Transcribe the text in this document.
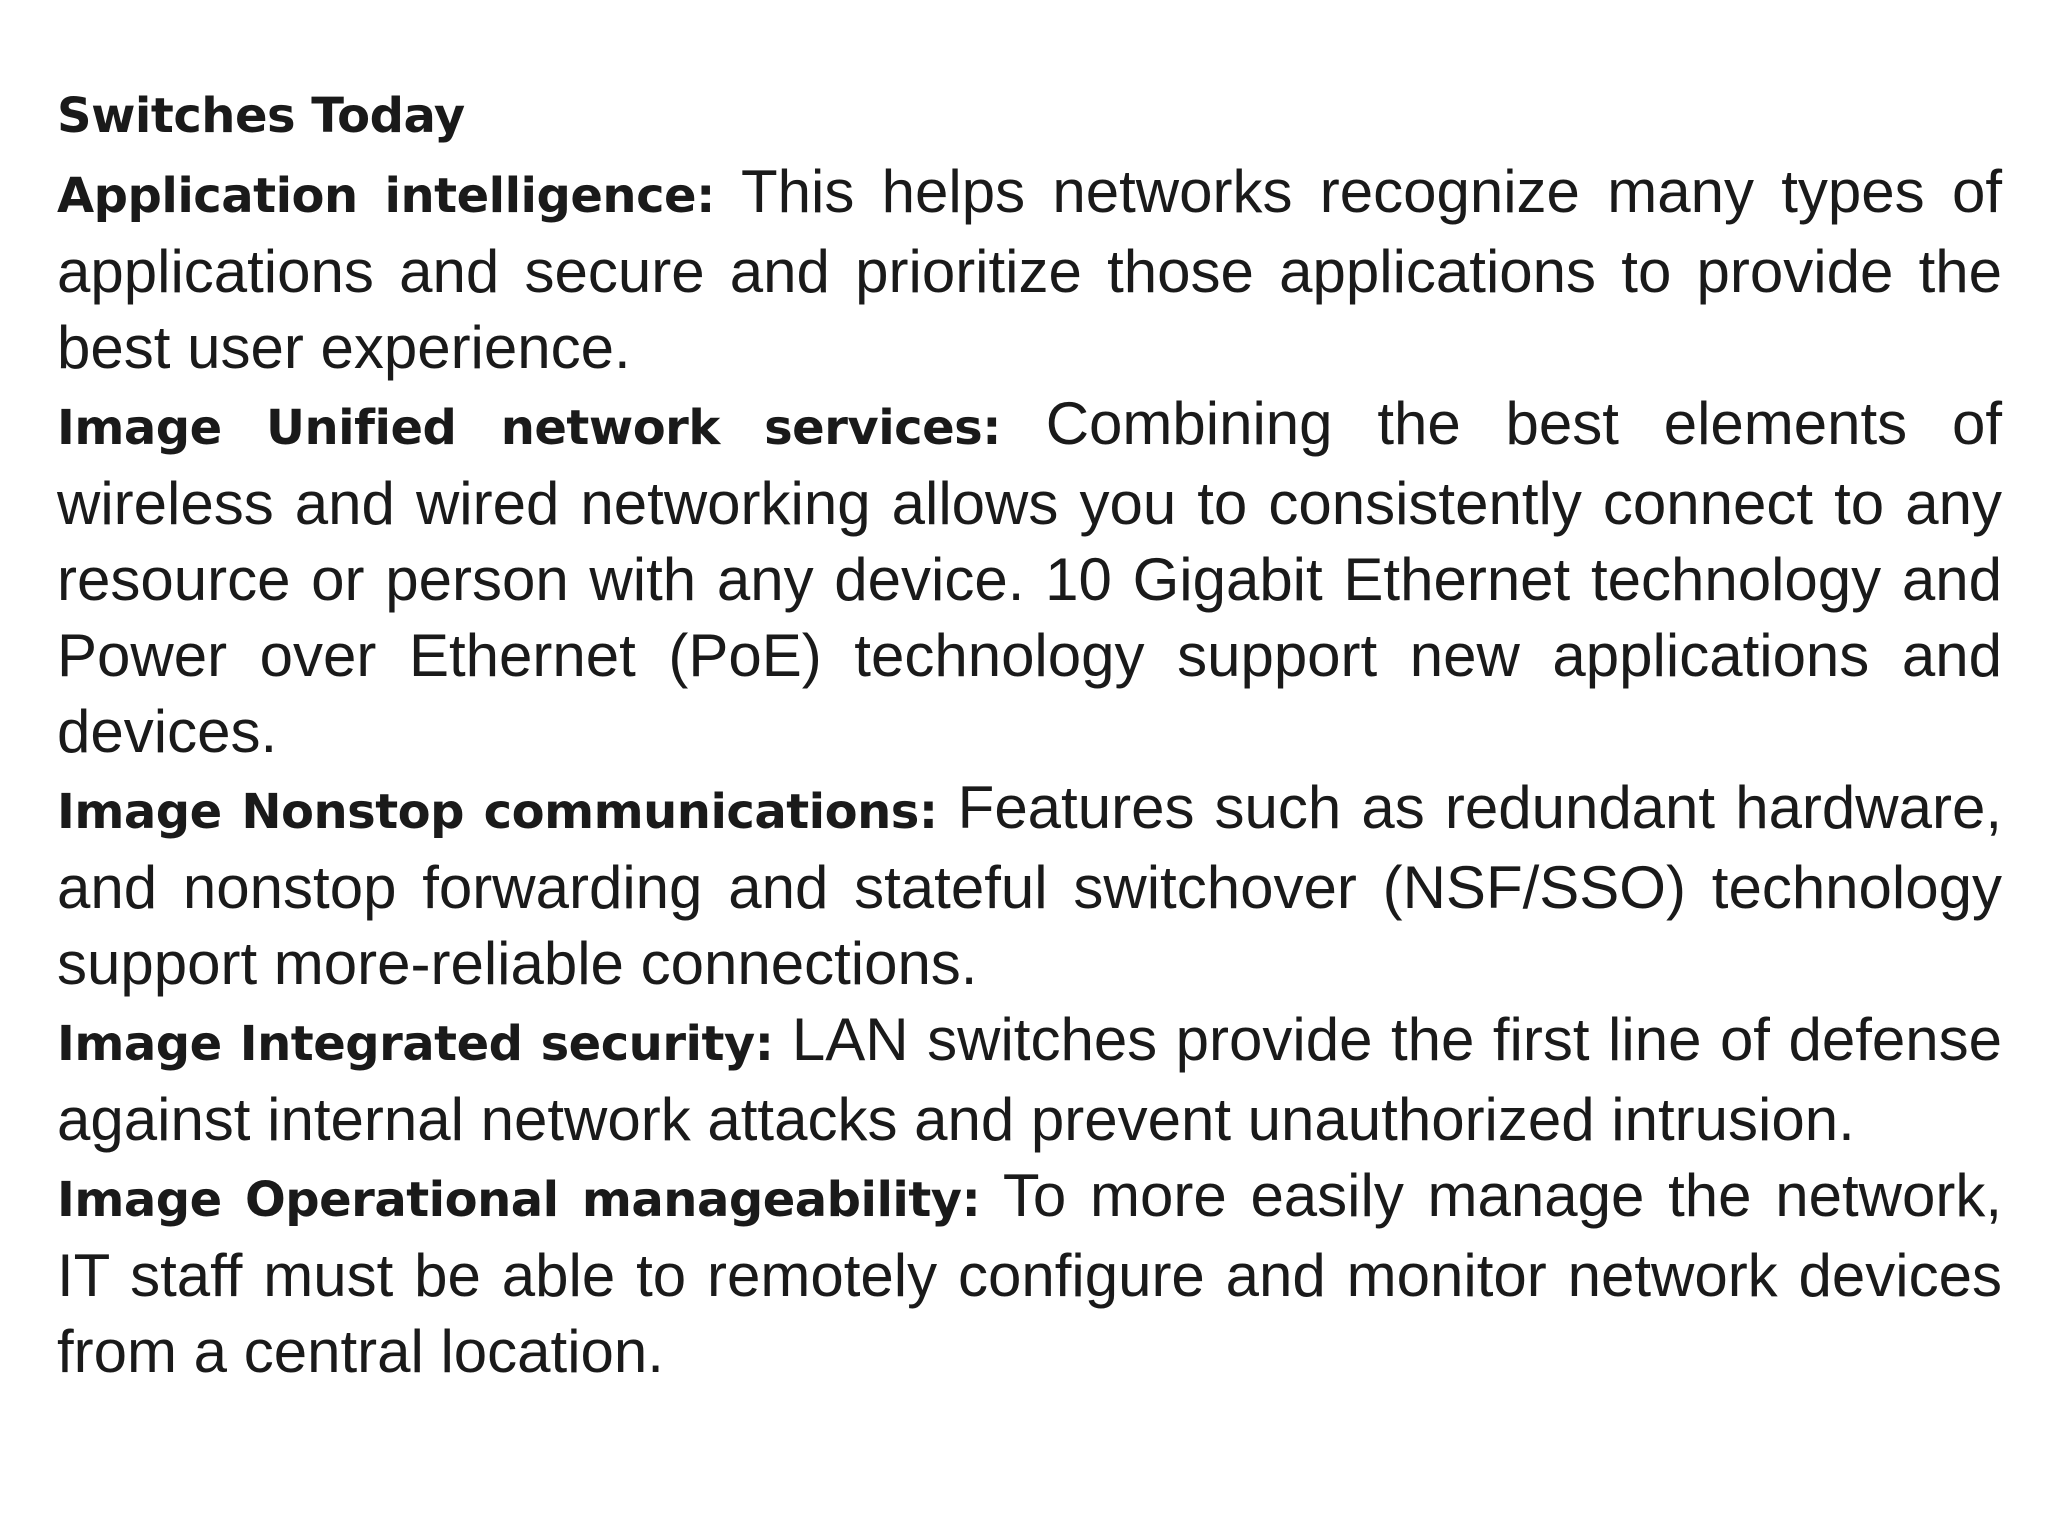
Switches Today

Application intelligence: This helps networks recognize many types of applications and secure and prioritize those applications to provide the best user experience.

Image Unified network services: Combining the best elements of wireless and wired networking allows you to consistently connect to any resource or person with any device. 10 Gigabit Ethernet technology and Power over Ethernet (PoE) technology support new applications and devices.

Image Nonstop communications: Features such as redundant hardware, and nonstop forwarding and stateful switchover (NSF/SSO) technology support more-reliable connections.

Image Integrated security: LAN switches provide the first line of defense against internal network attacks and prevent unauthorized intrusion.

Image Operational manageability: To more easily manage the network, IT staff must be able to remotely configure and monitor network devices from a central location.
